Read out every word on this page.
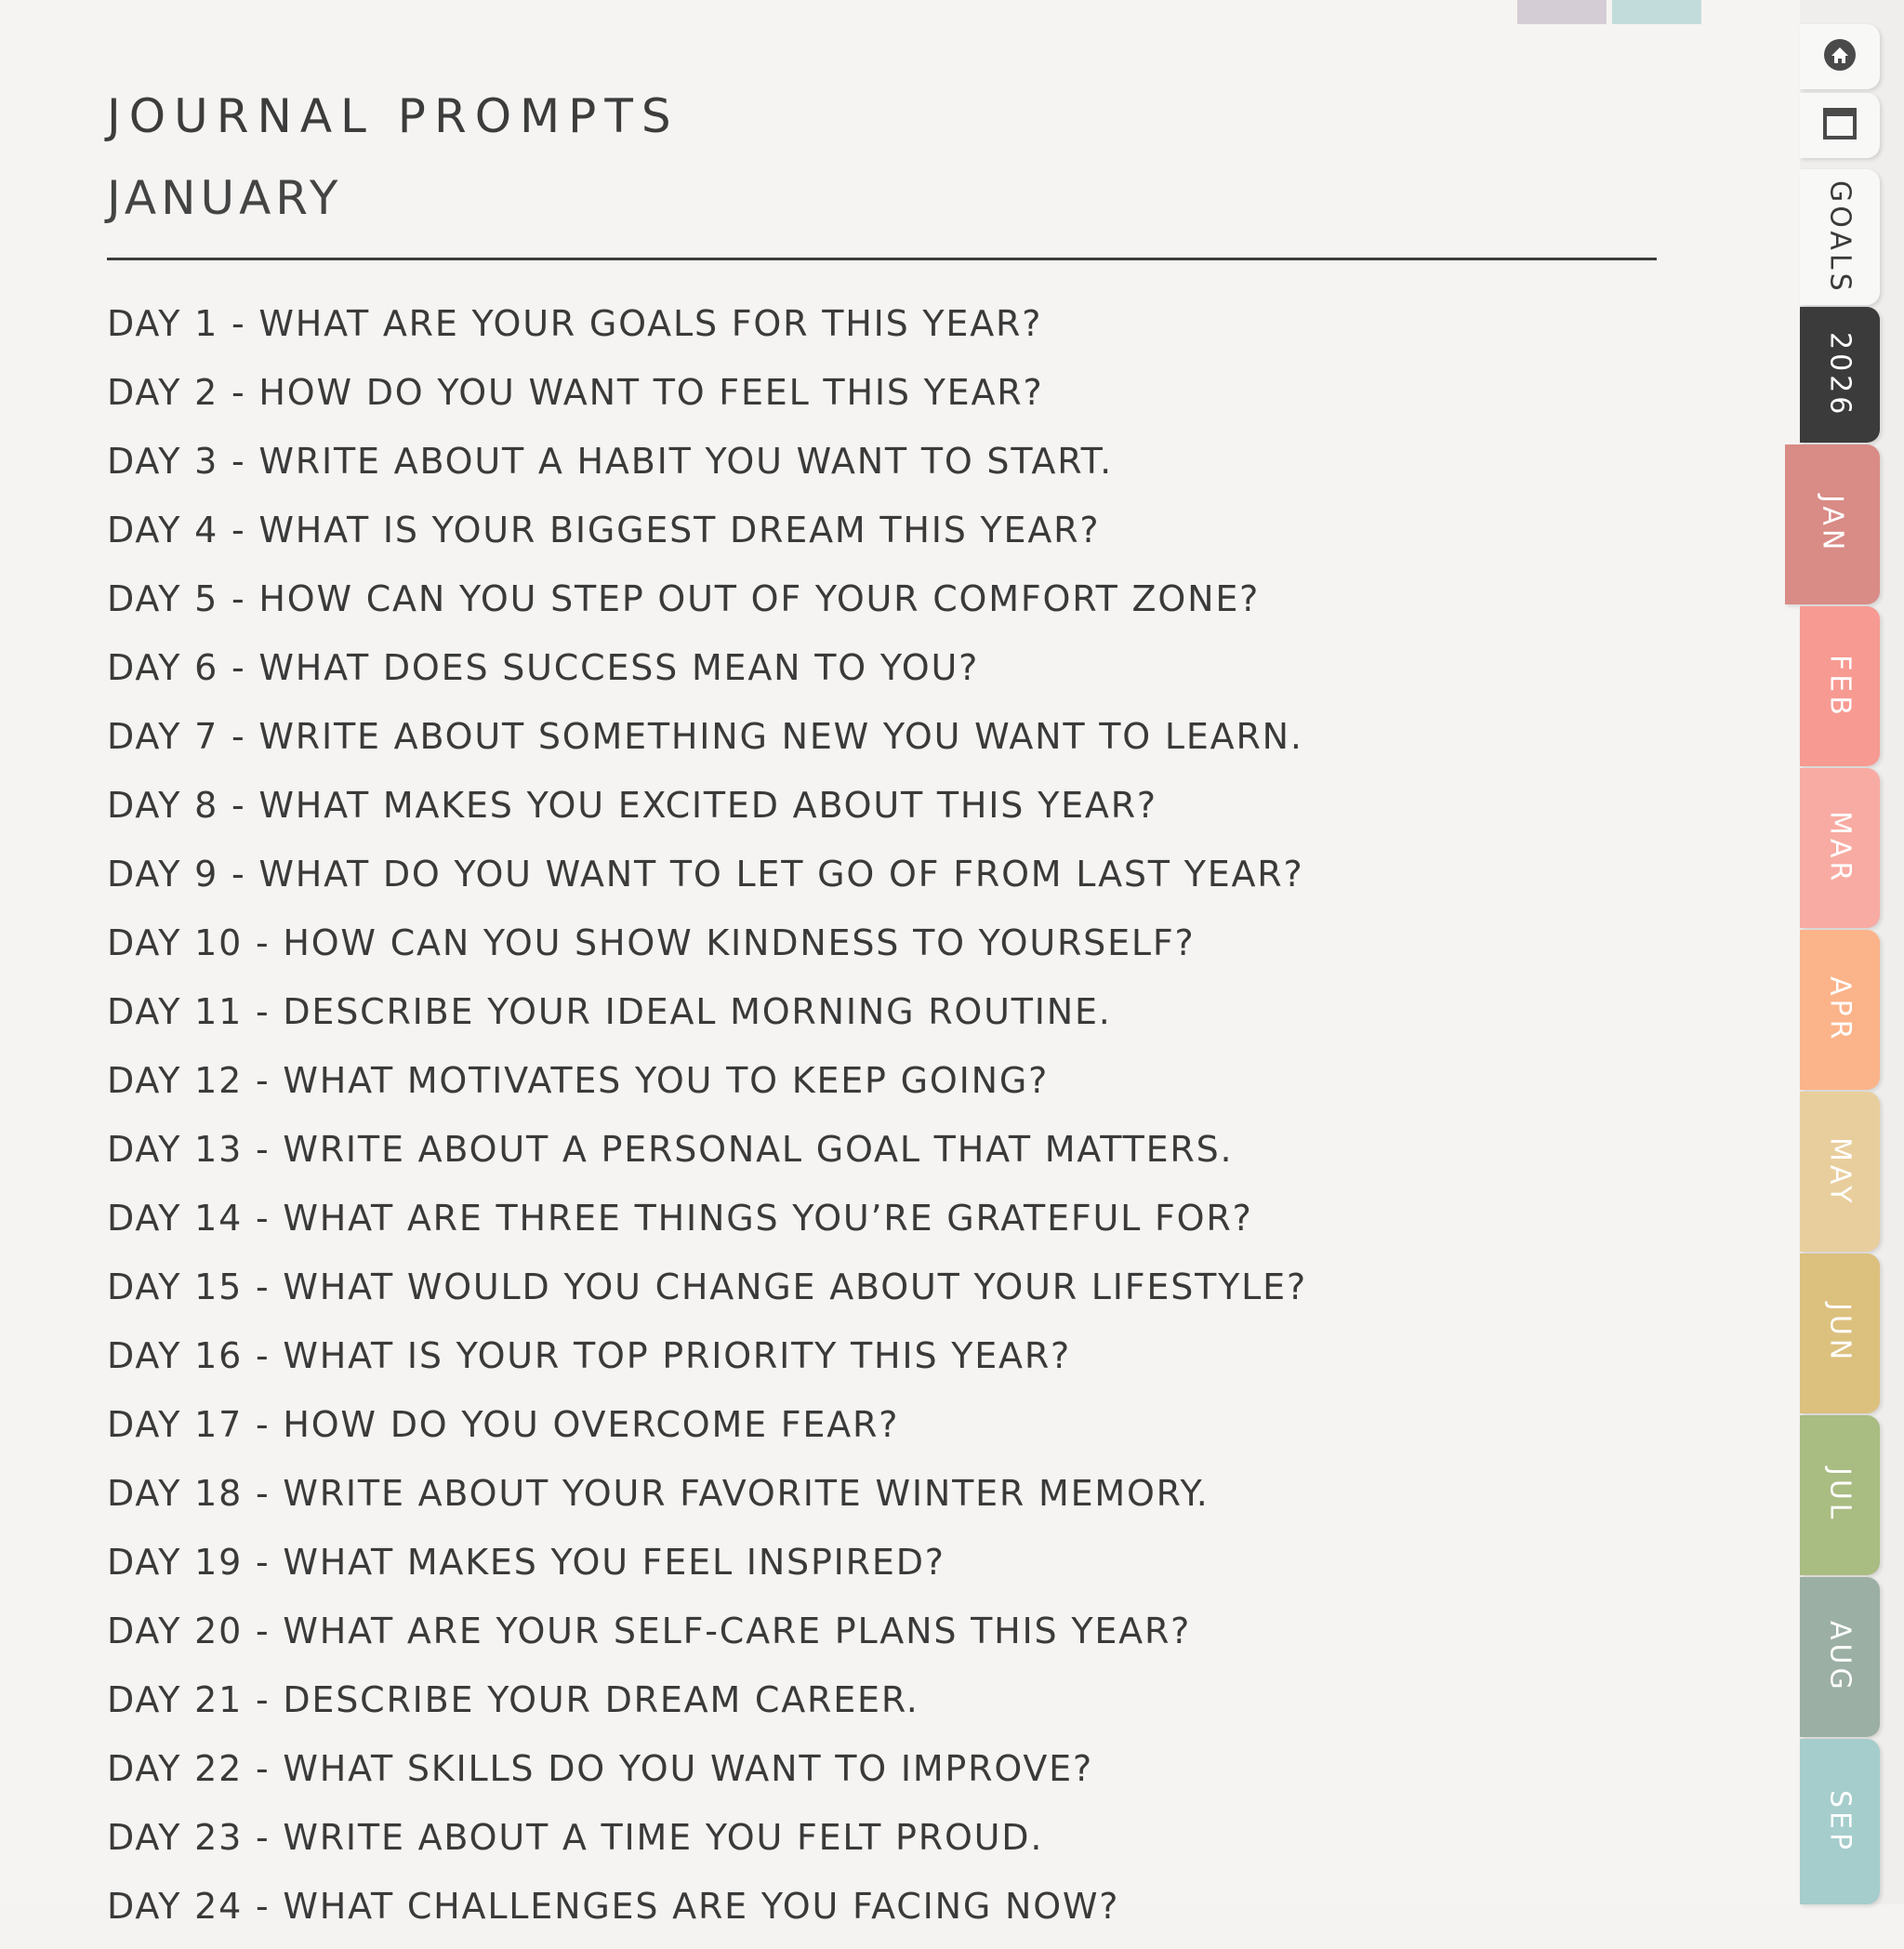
JOURNAL PROMPTS
JANUARY
DAY 1 - WHAT ARE YOUR GOALS FOR THIS YEAR?
DAY 2 - HOW DO YOU WANT TO FEEL THIS YEAR?
DAY 3 - WRITE ABOUT A HABIT YOU WANT TO START.
DAY 4 - WHAT IS YOUR BIGGEST DREAM THIS YEAR?
DAY 5 - HOW CAN YOU STEP OUT OF YOUR COMFORT ZONE?
DAY 6 - WHAT DOES SUCCESS MEAN TO YOU?
DAY 7 - WRITE ABOUT SOMETHING NEW YOU WANT TO LEARN.
DAY 8 - WHAT MAKES YOU EXCITED ABOUT THIS YEAR?
DAY 9 - WHAT DO YOU WANT TO LET GO OF FROM LAST YEAR?
DAY 10 - HOW CAN YOU SHOW KINDNESS TO YOURSELF?
DAY 11 - DESCRIBE YOUR IDEAL MORNING ROUTINE.
DAY 12 - WHAT MOTIVATES YOU TO KEEP GOING?
DAY 13 - WRITE ABOUT A PERSONAL GOAL THAT MATTERS.
DAY 14 - WHAT ARE THREE THINGS YOU’RE GRATEFUL FOR?
DAY 15 - WHAT WOULD YOU CHANGE ABOUT YOUR LIFESTYLE?
DAY 16 - WHAT IS YOUR TOP PRIORITY THIS YEAR?
DAY 17 - HOW DO YOU OVERCOME FEAR?
DAY 18 - WRITE ABOUT YOUR FAVORITE WINTER MEMORY.
DAY 19 - WHAT MAKES YOU FEEL INSPIRED?
DAY 20 - WHAT ARE YOUR SELF-CARE PLANS THIS YEAR?
DAY 21 - DESCRIBE YOUR DREAM CAREER.
DAY 22 - WHAT SKILLS DO YOU WANT TO IMPROVE?
DAY 23 - WRITE ABOUT A TIME YOU FELT PROUD.
DAY 24 - WHAT CHALLENGES ARE YOU FACING NOW?
GOALS
2026
JAN
FEB
MAR
APR
MAY
JUN
JUL
AUG
SEP
